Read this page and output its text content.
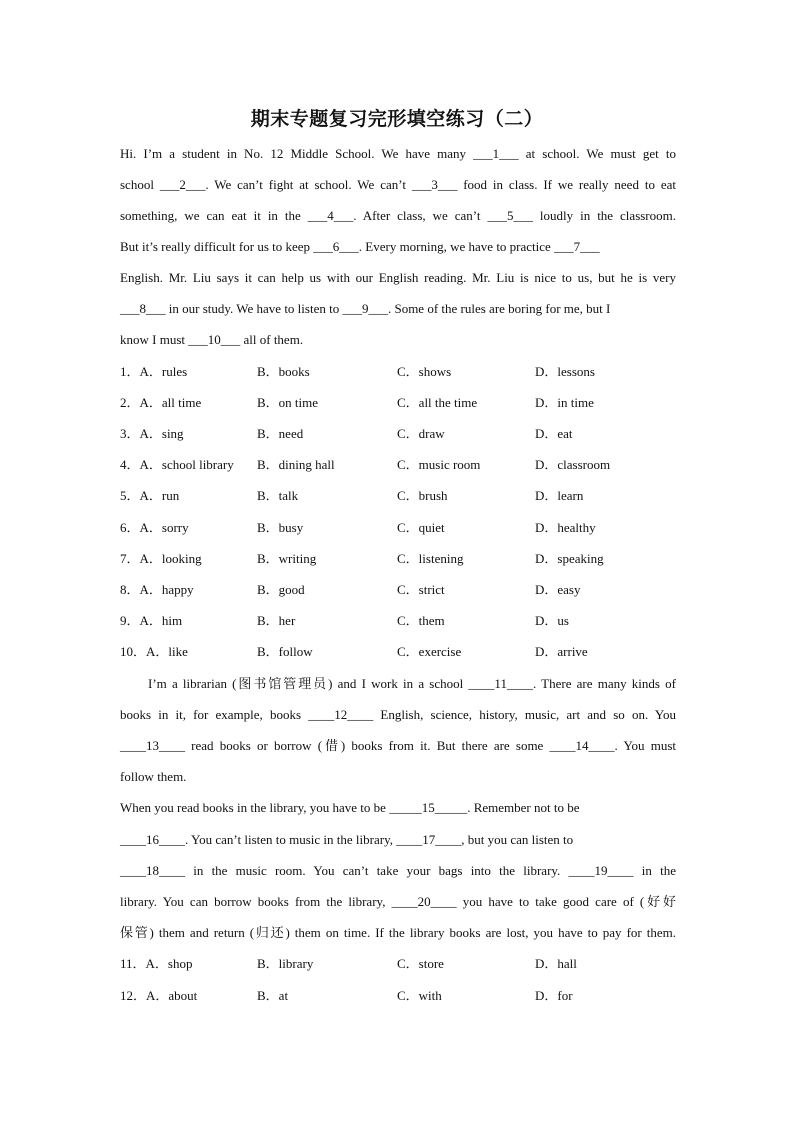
期末专题复习完形填空练习（二）
Hi. I’m a student in No. 12 Middle School. We have many ___1___ at school. We must get to
school ___2___. We can’t fight at school. We can’t ___3___ food in class. If we really need to eat
something, we can eat it in the ___4___. After class, we can’t ___5___ loudly in the classroom.
But it’s really difficult for us to keep ___6___. Every morning, we have to practice ___7___
English. Mr. Liu says it can help us with our English reading. Mr. Liu is nice to us, but he is very
___8___ in our study. We have to listen to ___9___. Some of the rules are boring for me, but I
know I must ___10___ all of them.
1．A．rules	B．books	C．shows	D．lessons
2．A．all time	B．on time	C．all the time	D．in time
3．A．sing	B．need	C．draw	D．eat
4．A．school library B．dining hall	C．music room	D．classroom
5．A．run	B．talk	C．brush	D．learn
6．A．sorry	B．busy	C．quiet	D．healthy
7．A．looking	B．writing	C．listening	D．speaking
8．A．happy	B．good	C．strict	D．easy
9．A．him	B．her	C．them	D．us
10．A．like	B．follow	C．exercise	D．arrive
I’m a librarian (图书馆管理员) and I work in a school ____11____. There are many kinds of
books in it, for example, books ____12____ English, science, history, music, art and so on. You
____13____ read books or borrow (借) books from it. But there are some ____14____. You must
follow them.
When you read books in the library, you have to be _____15_____. Remember not to be
____16____. You can’t listen to music in the library, ____17____, but you can listen to
____18____ in the music room. You can’t take your bags into the library. ____19____ in the
library. You can borrow books from the library, ____20____ you have to take good care of (好好
保管) them and return (归还) them on time. If the library books are lost, you have to pay for them.
11．A．shop	B．library	C．store	D．hall
12．A．about	B．at	C．with	D．for
